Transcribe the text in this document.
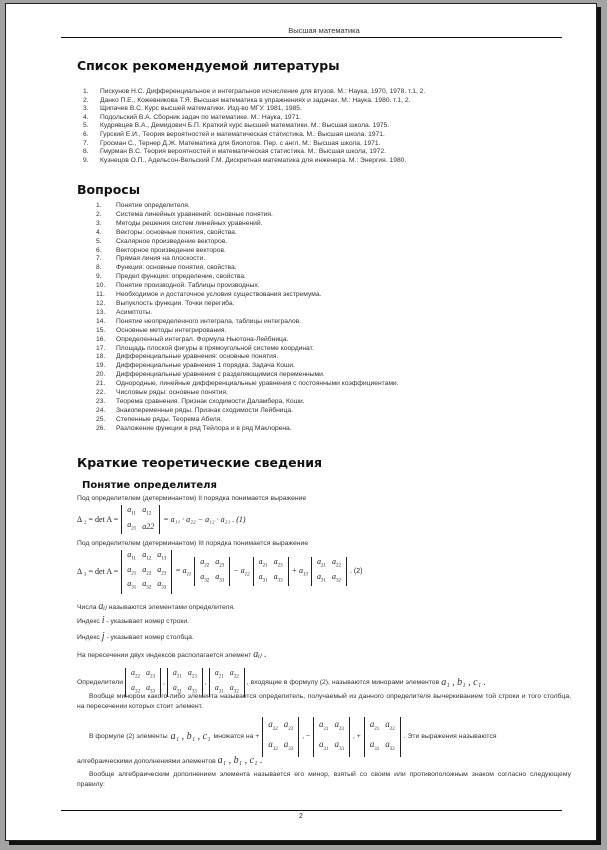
Высшая математика
Список рекомендуемой литературы
1. Пискунов Н.С. Дифференциальное и интегральное исчисление для втузов. М.: Наука. 1970, 1978. т.1, 2.
2. Данко П.Е., Кожевникова Т.Я. Высшая математика в упражнениях и задачах. М.: Наука. 1980. т.1, 2.
3. Щипачев В.С. Курс высшей математики. Изд-во МГУ. 1981, 1985.
4. Подольский В.А. Сборник задач по математике. М.: Наука, 1971.
5. Кудрявцев В.А., Демидович Б.П. Краткий курс высшей математики. М.: Высшая школа. 1975.
6. Гурский Е.И., Теория вероятностей и математическая статистика. М.: Высшая школа. 1971.
7. Гросман С., Тернер Д.Ж. Математика для биологов. Пер. с англ. М.: Высшая школа, 1971.
8. Гмурман В.С. Теория вероятностей и математическая статистика. М.: Высшая школа, 1972.
9. Кузнецов О.П., Адельсон-Вельский Г.М. Дискретная математика для инженера. М.: Энергия. 1980.
Вопросы
1. Понятие определителя.
2. Система линейных уравнений: основные понятия.
3. Методы решения систем линейных уравнений.
4. Векторы: основные понятия, свойства.
5. Скалярное произведение векторов.
6. Векторное произведение векторов.
7. Прямая линия на плоскости.
8. Функция: основные понятия, свойства.
9. Предел функции: определение, свойства.
10. Понятие производной. Таблицы производных.
11. Необходимое и достаточное условия существования экстремума.
12. Выпуклость функции. Точки перегиба.
13. Асимптоты.
14. Понятие неопределенного интеграла, таблицы интегралов.
15. Основные методы интегрирования.
16. Определенный интеграл. Формула Ньютона-Лейбница.
17. Площадь плоской фигуры в прямоугольной системе координат.
18. Дифференциальные уравнения: основные понятия.
19. Дифференциальные уравнения 1 порядка. Задача Коши.
20. Дифференциальные уравнения с разделяющимися переменными.
21. Однородные, линейные дифференциальные уравнения с постоянными коэффициентами.
22. Числовые ряды: основные понятия.
23. Теорема сравнения. Признак сходимости Даламбера, Коши.
24. Знакопеременные ряды. Признак сходимости Лейбница.
25. Степенные ряды. Теорема Абеля.
26. Разложение функции в ряд Тейлора и в ряд Маклорена.
Краткие теоретические сведения
Понятие определителя
Под определителем (детерминантом) II порядка понимается выражение
Δ ₂ = det A =
$a_{11}$	$a_{12}$
$a_{21}$	a22
= a₁₁ · a₂₂ − a₁₂ · a₂₁ . (1)
Под определителем (детерминантом) III порядка понимается выражение
Δ ₃ = det A =
$a_{11}$	$a_{12}$	$a_{13}$
$a_{21}$	$a_{22}$	$a_{23}$
$a_{31}$	$a_{32}$	$a_{33}$
= $a_{11}$
$a_{22}$	$a_{23}$
$a_{32}$	$a_{33}$
− $a_{12}$
$a_{21}$	$a_{23}$
$a_{31}$	$a_{33}$
+ $a_{13}$
$a_{21}$	$a_{22}$
$a_{31}$	$a_{32}$
. (2)
Числа aᵢⱼ называются элементами определителя.
Индекс i - указывает номер строки.
Индекс j - указывает номер столбца.
На пересечении двух индексов располагается элемент aᵢⱼ .
Определители
$a_{22}$	$a_{23}$
$a_{32}$	$a_{33}$
,
$a_{21}$	$a_{23}$
$a_{31}$	$a_{33}$
,
$a_{21}$	$a_{22}$
$a_{31}$	$a_{32}$
, входящие в формулу (2), называются минорами элементов a₁ , b₁ , c₁ .
Вообще минором какого-либо элемента называется определитель, получаемый из данного определителя вычеркиванием той строки и того столбца, на пересечении которых стоит элемент.
В формуле (2) элементы a₁ , b₁ , c₁ множатся на +
$a_{22}$	$a_{23}$
$a_{32}$	$a_{33}$
, −
$a_{21}$	$a_{23}$
$a_{31}$	$a_{33}$
, +
$a_{21}$	$a_{22}$
$a_{31}$	$a_{32}$
. Эти выражения называются
алгебраическими дополнениями элементов a₁ , b₁ , c₁ .
Вообще алгебраическим дополнением элемента называется его минор, взятый со своим или противоположным знаком согласно следующему правилу:
2
